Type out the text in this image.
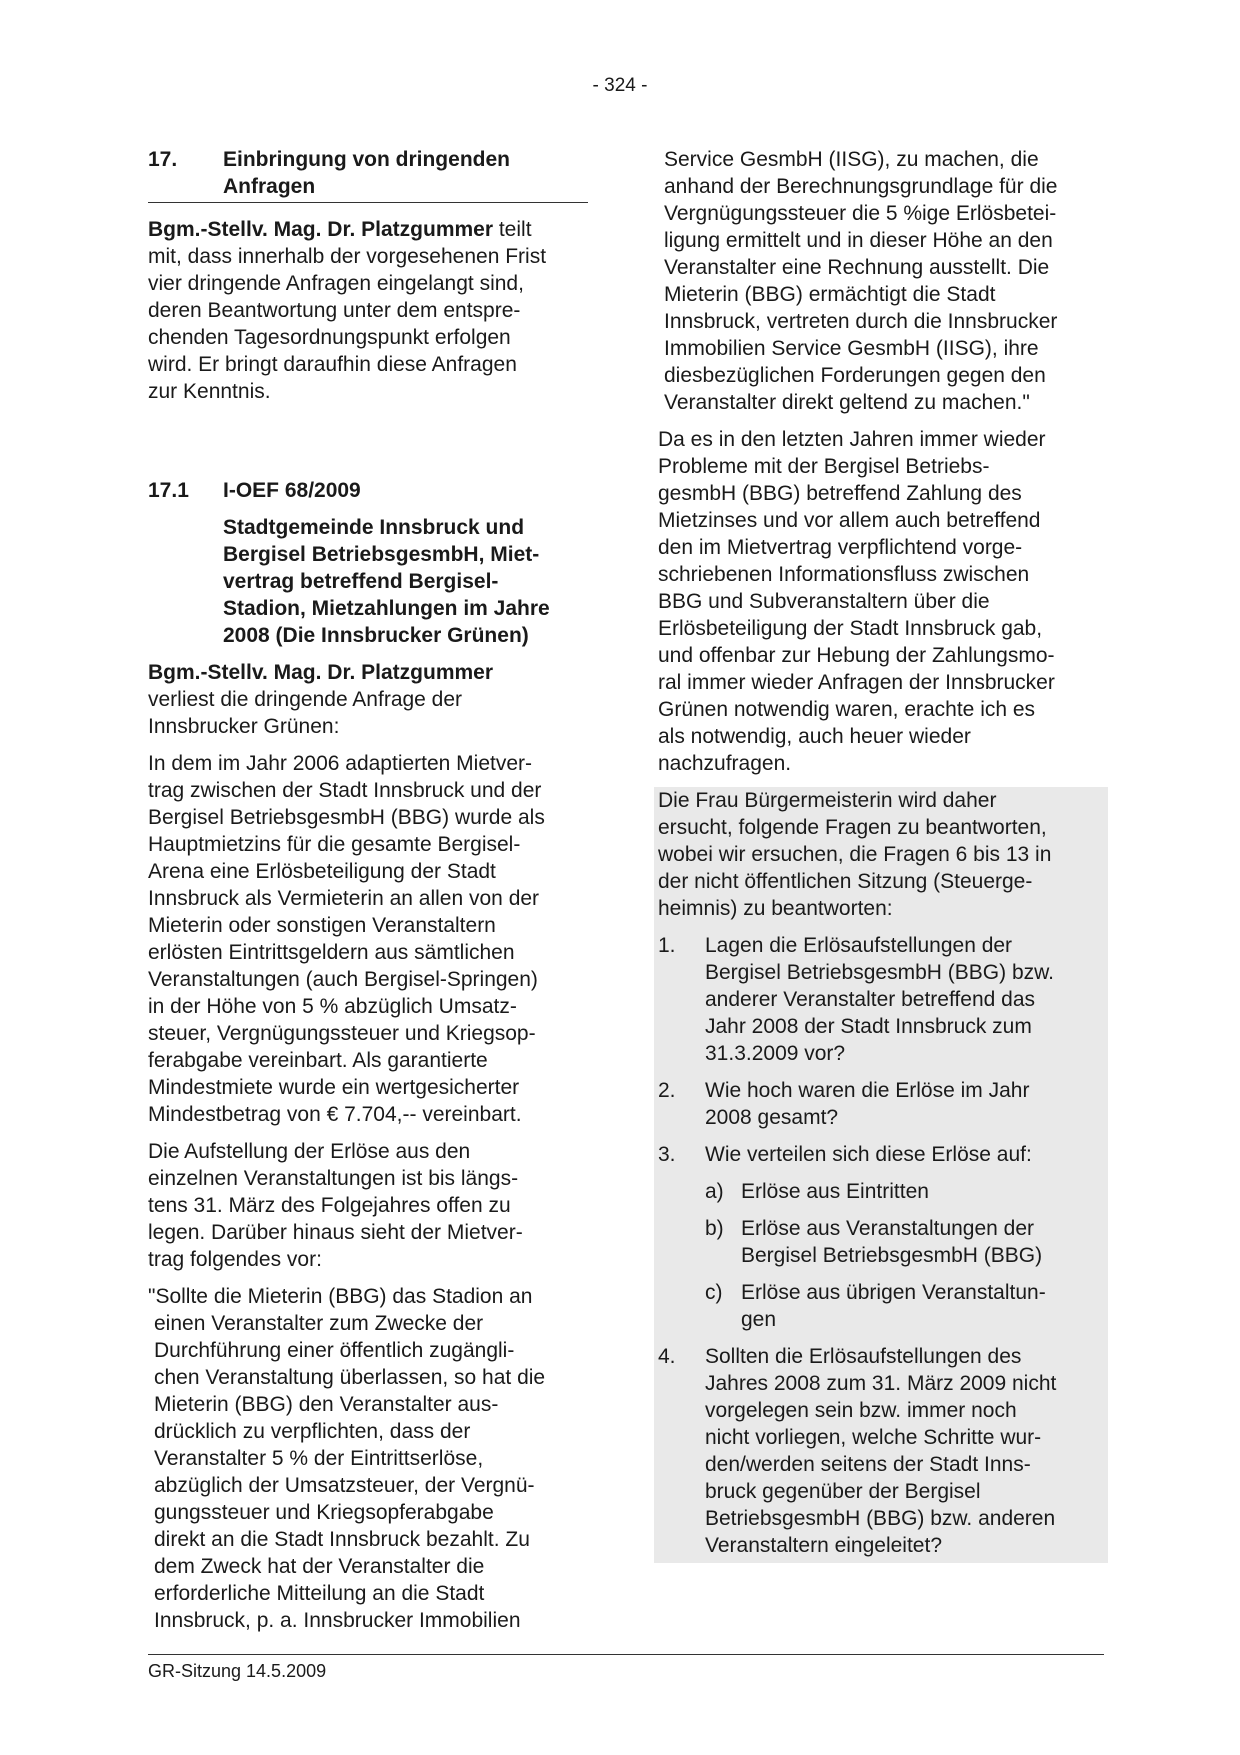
- 324 -
17.	Einbringung von dringenden
Anfragen

Bgm.-Stellv. Mag. Dr. Platzgummer teilt
mit, dass innerhalb der vorgesehenen Frist
vier dringende Anfragen eingelangt sind,
deren Beantwortung unter dem entspre-
chenden Tagesordnungspunkt erfolgen
wird. Er bringt daraufhin diese Anfragen
zur Kenntnis.

17.1	I-OEF 68/2009
Stadtgemeinde Innsbruck und
Bergisel BetriebsgesmbH, Miet-
vertrag betreffend Bergisel-
Stadion, Mietzahlungen im Jahre
2008 (Die Innsbrucker Grünen)

Bgm.-Stellv. Mag. Dr. Platzgummer
verliest die dringende Anfrage der
Innsbrucker Grünen:

In dem im Jahr 2006 adaptierten Mietver-
trag zwischen der Stadt Innsbruck und der
Bergisel BetriebsgesmbH (BBG) wurde als
Hauptmietzins für die gesamte Bergisel-
Arena eine Erlösbeteiligung der Stadt
Innsbruck als Vermieterin an allen von der
Mieterin oder sonstigen Veranstaltern
erlösten Eintrittsgeldern aus sämtlichen
Veranstaltungen (auch Bergisel-Springen)
in der Höhe von 5 % abzüglich Umsatz-
steuer, Vergnügungssteuer und Kriegsop-
ferabgabe vereinbart. Als garantierte
Mindestmiete wurde ein wertgesicherter
Mindestbetrag von € 7.704,-- vereinbart.

Die Aufstellung der Erlöse aus den
einzelnen Veranstaltungen ist bis längs-
tens 31. März des Folgejahres offen zu
legen. Darüber hinaus sieht der Mietver-
trag folgendes vor:

"Sollte die Mieterin (BBG) das Stadion an
einen Veranstalter zum Zwecke der
Durchführung einer öffentlich zugängli-
chen Veranstaltung überlassen, so hat die
Mieterin (BBG) den Veranstalter aus-
drücklich zu verpflichten, dass der
Veranstalter 5 % der Eintrittserlöse,
abzüglich der Umsatzsteuer, der Vergnü-
gungssteuer und Kriegsopferabgabe
direkt an die Stadt Innsbruck bezahlt. Zu
dem Zweck hat der Veranstalter die
erforderliche Mitteilung an die Stadt
Innsbruck, p. a. Innsbrucker Immobilien

Service GesmbH (IISG), zu machen, die
anhand der Berechnungsgrundlage für die
Vergnügungssteuer die 5 %ige Erlösbetei-
ligung ermittelt und in dieser Höhe an den
Veranstalter eine Rechnung ausstellt. Die
Mieterin (BBG) ermächtigt die Stadt
Innsbruck, vertreten durch die Innsbrucker
Immobilien Service GesmbH (IISG), ihre
diesbezüglichen Forderungen gegen den
Veranstalter direkt geltend zu machen."

Da es in den letzten Jahren immer wieder
Probleme mit der Bergisel Betriebs-
gesmbH (BBG) betreffend Zahlung des
Mietzinses und vor allem auch betreffend
den im Mietvertrag verpflichtend vorge-
schriebenen Informationsfluss zwischen
BBG und Subveranstaltern über die
Erlösbeteiligung der Stadt Innsbruck gab,
und offenbar zur Hebung der Zahlungsmo-
ral immer wieder Anfragen der Innsbrucker
Grünen notwendig waren, erachte ich es
als notwendig, auch heuer wieder
nachzufragen.

Die Frau Bürgermeisterin wird daher
ersucht, folgende Fragen zu beantworten,
wobei wir ersuchen, die Fragen 6 bis 13 in
der nicht öffentlichen Sitzung (Steuerge-
heimnis) zu beantworten:

1.	Lagen die Erlösaufstellungen der
Bergisel BetriebsgesmbH (BBG) bzw.
anderer Veranstalter betreffend das
Jahr 2008 der Stadt Innsbruck zum
31.3.2009 vor?
2.	Wie hoch waren die Erlöse im Jahr
2008 gesamt?
3.	Wie verteilen sich diese Erlöse auf:
a) Erlöse aus Eintritten
b) Erlöse aus Veranstaltungen der
Bergisel BetriebsgesmbH (BBG)
c) Erlöse aus übrigen Veranstaltun-
gen
4.	Sollten die Erlösaufstellungen des
Jahres 2008 zum 31. März 2009 nicht
vorgelegen sein bzw. immer noch
nicht vorliegen, welche Schritte wur-
den/werden seitens der Stadt Inns-
bruck gegenüber der Bergisel
BetriebsgesmbH (BBG) bzw. anderen
Veranstaltern eingeleitet?
GR-Sitzung 14.5.2009
